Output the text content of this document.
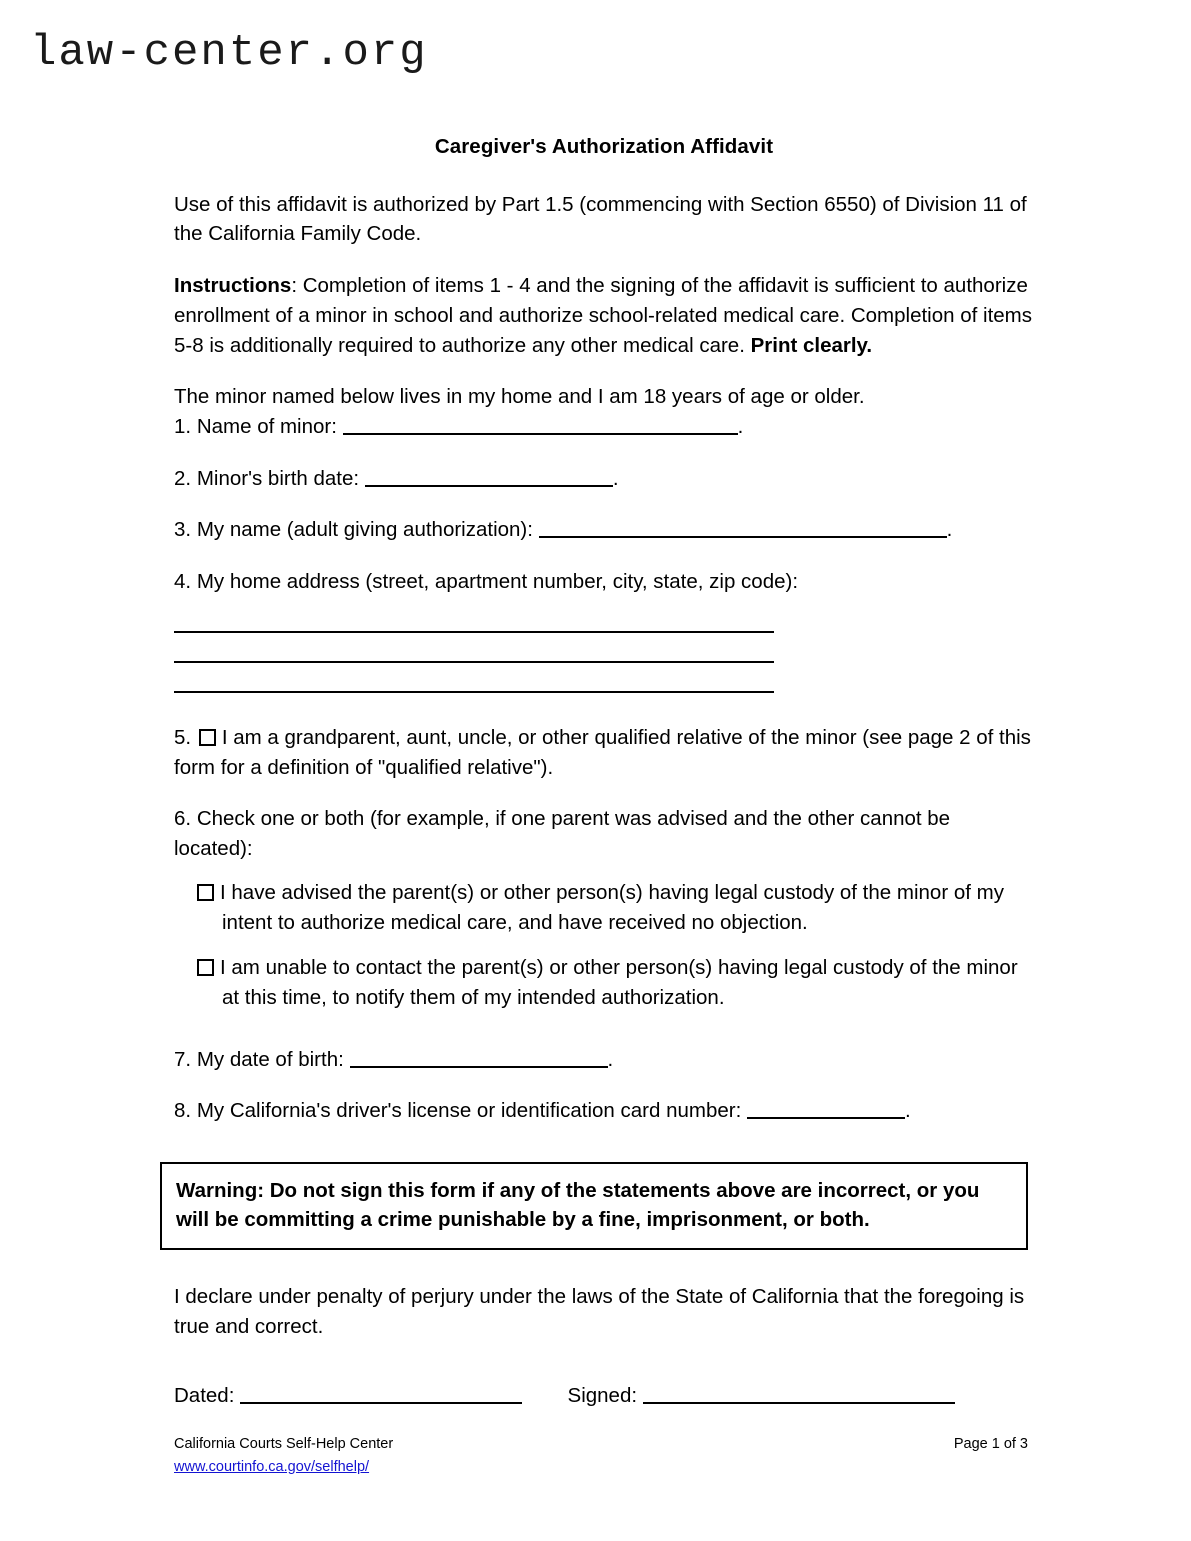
law-center.org
Caregiver's Authorization Affidavit

Use of this affidavit is authorized by Part 1.5 (commencing with Section 6550) of Division 11 of the California Family Code.

Instructions: Completion of items 1 - 4 and the signing of the affidavit is sufficient to authorize enrollment of a minor in school and authorize school-related medical care. Completion of items 5-8 is additionally required to authorize any other medical care. Print clearly.

The minor named below lives in my home and I am 18 years of age or older.

1. Name of minor:	.
2. Minor's birth date:	.
3. My name (adult giving authorization):	.
4. My home address (street, apartment number, city, state, zip code):
5. I am a grandparent, aunt, uncle, or other qualified relative of the minor (see page 2 of this form for a definition of "qualified relative").
6. Check one or both (for example, if one parent was advised and the other cannot be located):
I have advised the parent(s) or other person(s) having legal custody of the minor of my intent to authorize medical care, and have received no objection.
I am unable to contact the parent(s) or other person(s) having legal custody of the minor at this time, to notify them of my intended authorization.
7. My date of birth:	.
8. My California's driver's license or identification card number:	.
Warning: Do not sign this form if any of the statements above are incorrect, or you will be committing a crime punishable by a fine, imprisonment, or both.

I declare under penalty of perjury under the laws of the State of California that the foregoing is true and correct.

Dated:	Signed:
California Courts Self-Help Center
www.courtinfo.ca.gov/selfhelp/
Page 1 of 3
